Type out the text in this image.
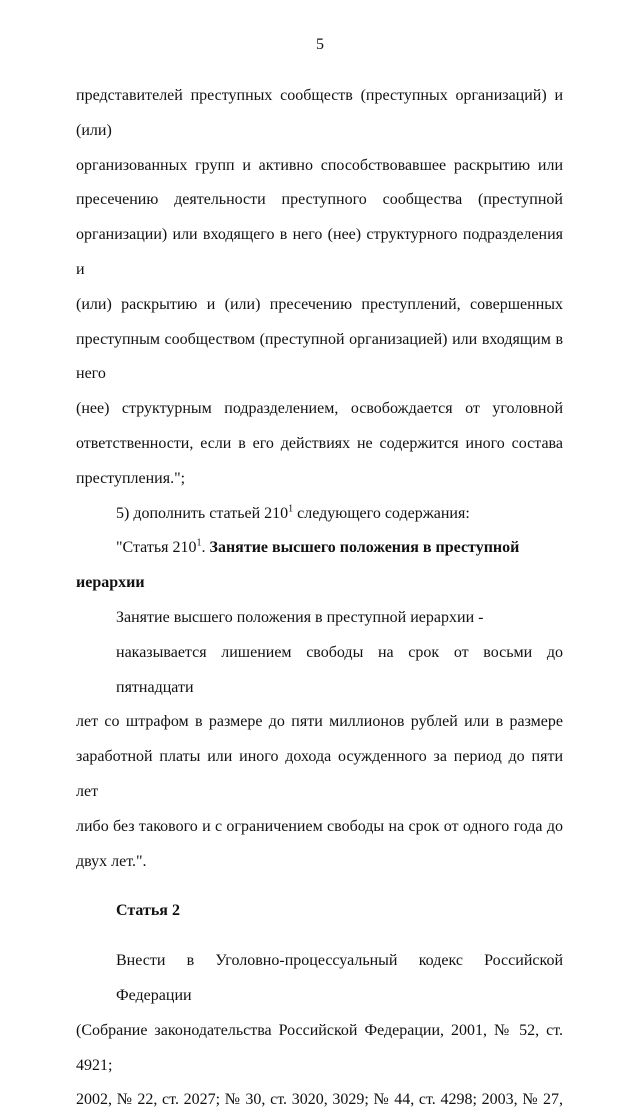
5
представителей преступных сообществ (преступных организаций) и (или)
организованных групп и активно способствовавшее раскрытию или
пресечению деятельности преступного сообщества (преступной
организации) или входящего в него (нее) структурного подразделения и
(или) раскрытию и (или) пресечению преступлений, совершенных
преступным сообществом (преступной организацией) или входящим в него
(нее) структурным подразделением, освобождается от уголовной
ответственности, если в его действиях не содержится иного состава
преступления.";
5) дополнить статьей $210^1$ следующего содержания:
"Статья $210^1$. Занятие высшего положения в преступной иерархии
Занятие высшего положения в преступной иерархии -
наказывается лишением свободы на срок от восьми до пятнадцати
лет со штрафом в размере до пяти миллионов рублей или в размере
заработной платы или иного дохода осужденного за период до пяти лет
либо без такового и с ограничением свободы на срок от одного года до
двух лет.".
Статья 2
Внести в Уголовно-процессуальный кодекс Российской Федерации
(Собрание законодательства Российской Федерации, 2001, № 52, ст. 4921;
2002, № 22, ст. 2027; № 30, ст. 3020, 3029; № 44, ст. 4298; 2003, № 27,
